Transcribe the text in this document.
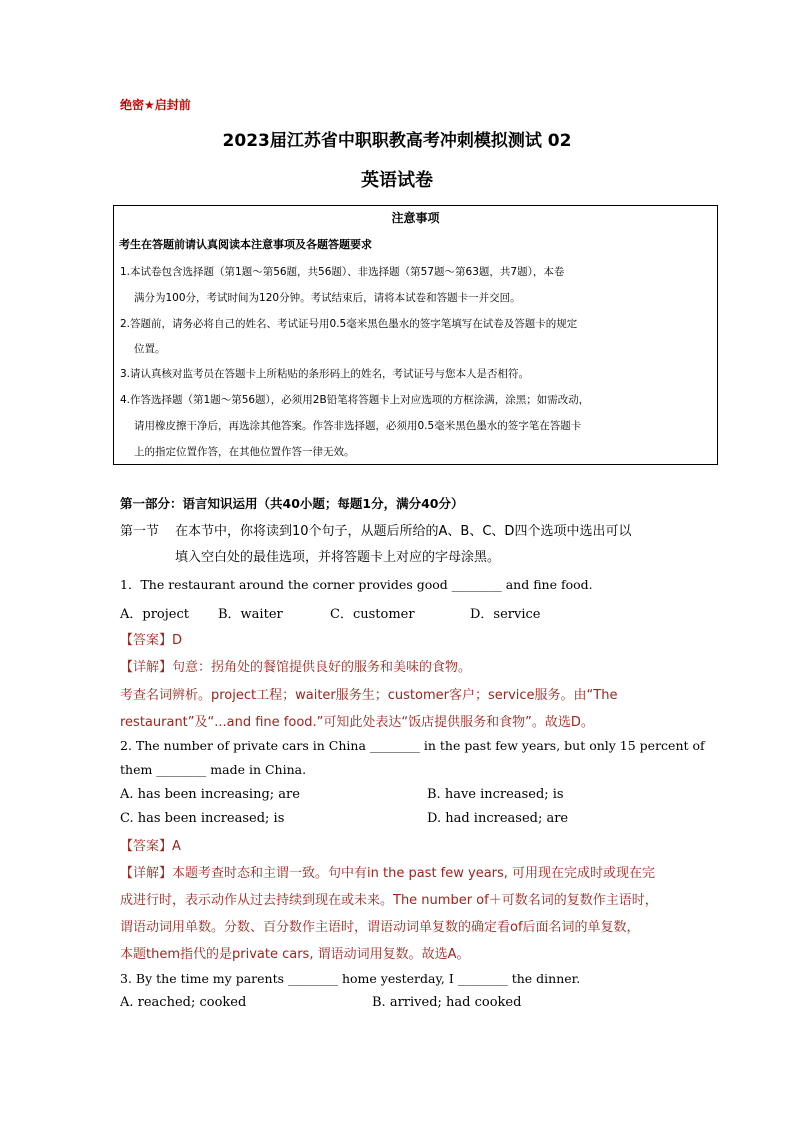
绝密★启封前
2023届江苏省中职职教高考冲刺模拟测试 02
英语试卷
注意事项
考生在答题前请认真阅读本注意事项及各题答题要求
1.本试卷包含选择题（第1题～第56题，共56题）、非选择题（第57题～第63题，共7题），本卷
满分为100分，考试时间为120分钟。考试结束后，请将本试卷和答题卡一并交回。
2.答题前，请务必将自己的姓名、考试证号用0.5毫米黑色墨水的签字笔填写在试卷及答题卡的规定
位置。
3.请认真核对监考员在答题卡上所粘贴的条形码上的姓名，考试证号与您本人是否相符。
4.作答选择题（第1题～第56题），必须用2B铅笔将答题卡上对应选项的方框涂满，涂黑；如需改动，
请用橡皮擦干净后，再选涂其他答案。作答非选择题，必须用0.5毫米黑色墨水的签字笔在答题卡
上的指定位置作答，在其他位置作答一律无效。
第一部分：语言知识运用（共40小题；每题1分，满分40分）
第一节 在本节中，你将读到10个句子，从题后所给的A、B、C、D四个选项中选出可以
填入空白处的最佳选项，并将答题卡上对应的字母涂黑。
1．The restaurant around the corner provides good ________ and fine food.
A．project B．waiter	C．customer	D．service
【答案】D
【详解】句意：拐角处的餐馆提供良好的服务和美味的食物。
考查名词辨析。project工程；waiter服务生；customer客户；service服务。由“The
restaurant”及“...and fine food.”可知此处表达“饭店提供服务和食物”。故选D。
2. The number of private cars in China ________ in the past few years, but only 15 percent of
them ________ made in China.
A. has been increasing; are	B. have increased; is
C. has been increased; is	D. had increased; are
【答案】A
【详解】本题考查时态和主谓一致。句中有in the past few years, 可用现在完成时或现在完
成进行时，表示动作从过去持续到现在或未来。The number of＋可数名词的复数作主语时，
谓语动词用单数。分数、百分数作主语时，谓语动词单复数的确定看of后面名词的单复数，
本题them指代的是private cars, 谓语动词用复数。故选A。
3. By the time my parents ________ home yesterday, I ________ the dinner.
A. reached; cooked	B. arrived; had cooked
